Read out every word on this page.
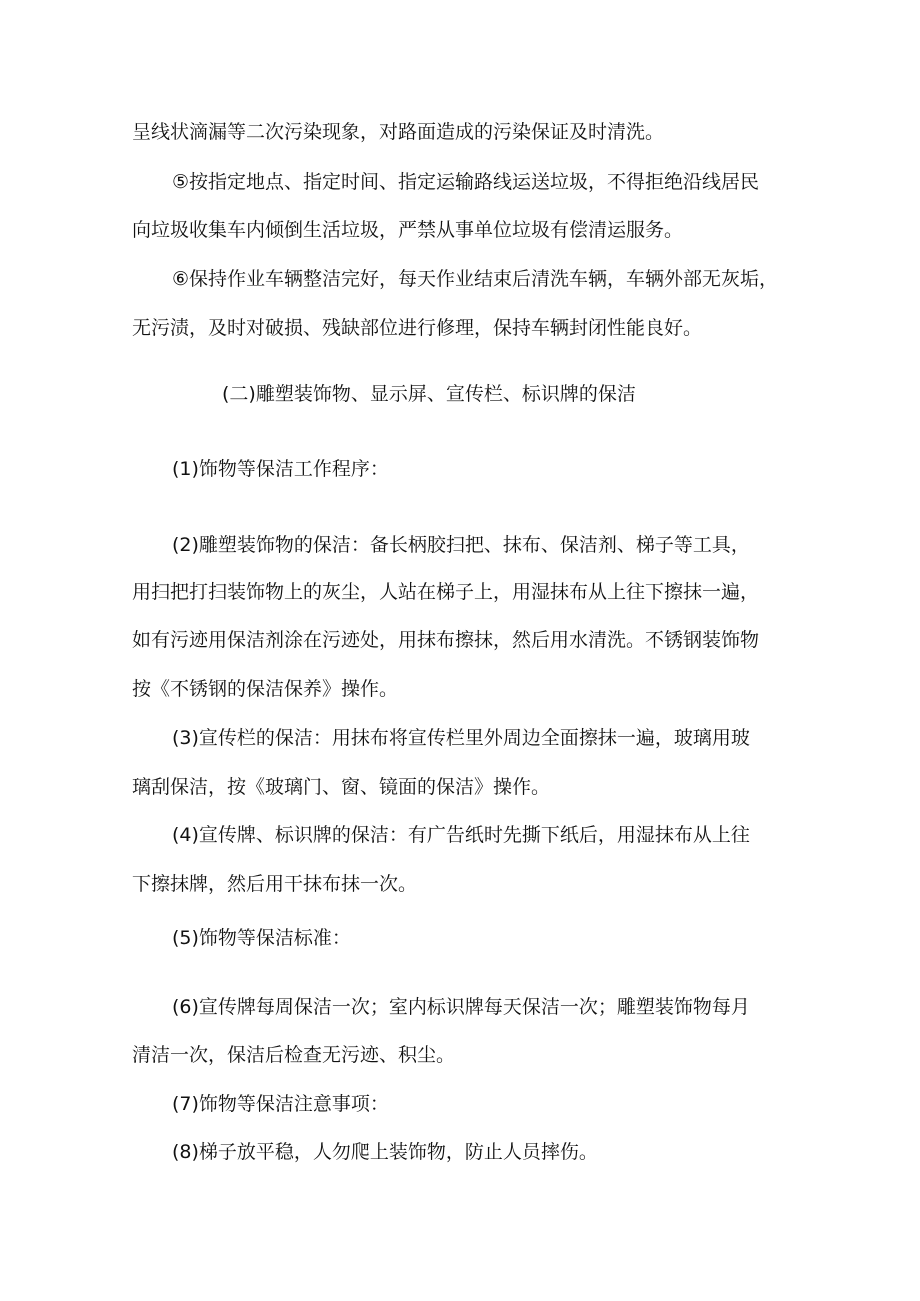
呈线状滴漏等二次污染现象，对路面造成的污染保证及时清洗。
⑤按指定地点、指定时间、指定运输路线运送垃圾，不得拒绝沿线居民
向垃圾收集车内倾倒生活垃圾，严禁从事单位垃圾有偿清运服务。
⑥保持作业车辆整洁完好，每天作业结束后清洗车辆，车辆外部无灰垢，
无污渍，及时对破损、残缺部位进行修理，保持车辆封闭性能良好。
(二)雕塑装饰物、显示屏、宣传栏、标识牌的保洁
(1)饰物等保洁工作程序：
(2)雕塑装饰物的保洁：备长柄胶扫把、抹布、保洁剂、梯子等工具，
用扫把打扫装饰物上的灰尘，人站在梯子上，用湿抹布从上往下擦抹一遍，
如有污迹用保洁剂涂在污迹处，用抹布擦抹，然后用水清洗。不锈钢装饰物
按《不锈钢的保洁保养》操作。
(3)宣传栏的保洁：用抹布将宣传栏里外周边全面擦抹一遍，玻璃用玻
璃刮保洁，按《玻璃门、窗、镜面的保洁》操作。
(4)宣传牌、标识牌的保洁：有广告纸时先撕下纸后，用湿抹布从上往
下擦抹牌，然后用干抹布抹一次。
(5)饰物等保洁标准：
(6)宣传牌每周保洁一次；室内标识牌每天保洁一次；雕塑装饰物每月
清洁一次，保洁后检查无污迹、积尘。
(7)饰物等保洁注意事项：
(8)梯子放平稳，人勿爬上装饰物，防止人员摔伤。
